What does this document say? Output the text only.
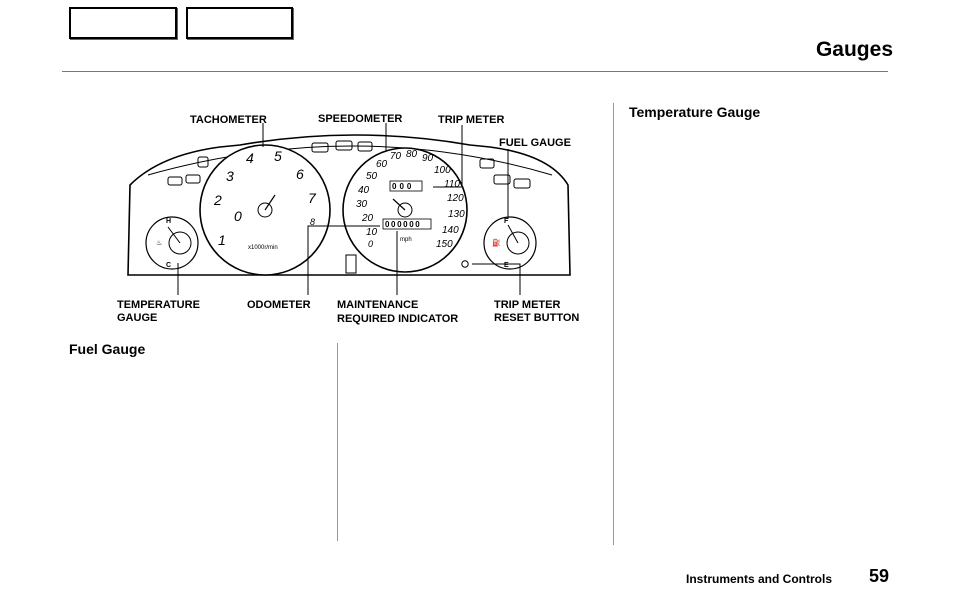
Gauges
Fuel Gauge
Temperature Gauge
H
C
♨
0
1
2
3
4 5
6
7
8
x1000r/min	0
10
20
30
40
50
60
70 80 90
100
110
120
130
140
150
000
000000
mph
F
E
⛽
TACHOMETER	SPEEDOMETER	TRIP METER
FUEL GAUGE
TEMPERATURE
GAUGE
ODOMETER MAINTENANCE
REQUIRED INDICATOR
TRIP METER
RESET BUTTON
Instruments and Controls 59
